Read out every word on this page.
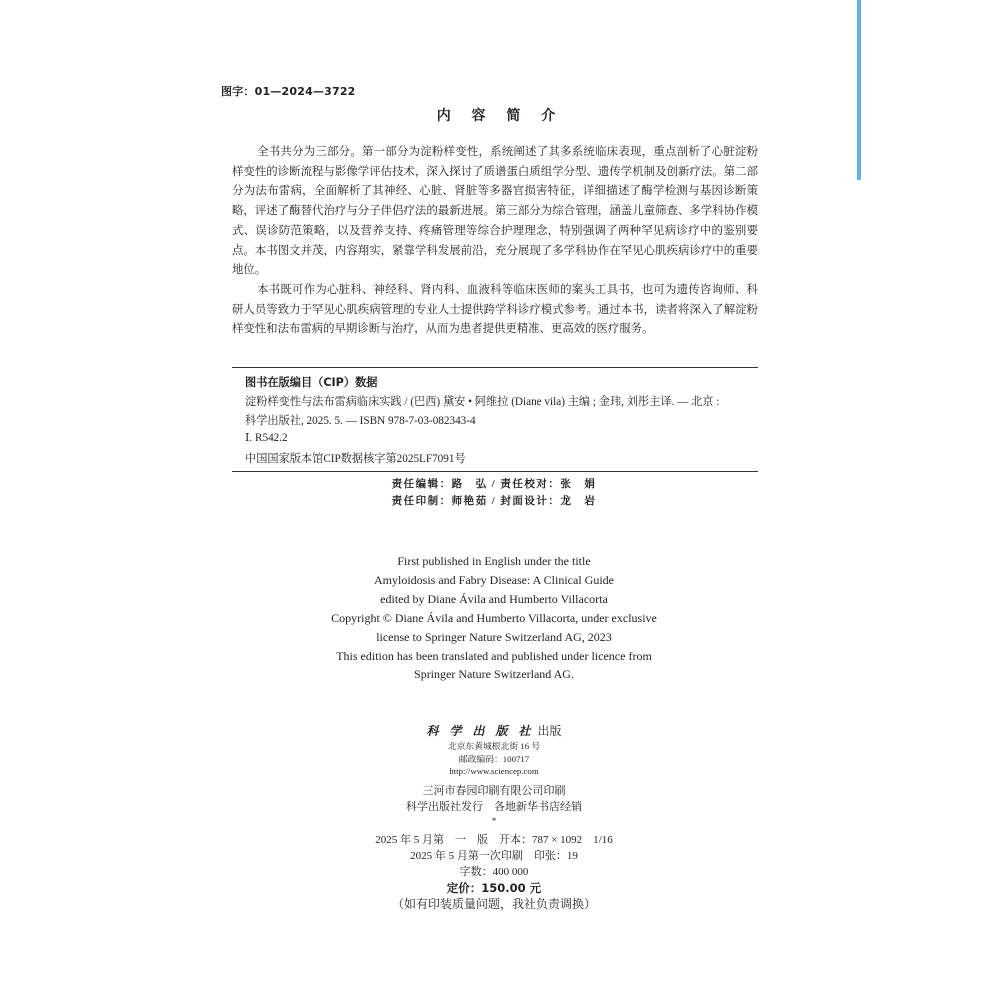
图字：01—2024—3722
内 容 简 介

全书共分为三部分。第一部分为淀粉样变性，系统阐述了其多系统临床表现，重点剖析了心脏淀粉样变性的诊断流程与影像学评估技术，深入探讨了质谱蛋白质组学分型、遗传学机制及创新疗法。第二部分为法布雷病，全面解析了其神经、心脏、肾脏等多器官损害特征，详细描述了酶学检测与基因诊断策略，评述了酶替代治疗与分子伴侣疗法的最新进展。第三部分为综合管理，涵盖儿童筛查、多学科协作模式、误诊防范策略，以及营养支持、疼痛管理等综合护理理念，特别强调了两种罕见病诊疗中的鉴别要点。本书图文并茂，内容翔实，紧靠学科发展前沿，充分展现了多学科协作在罕见心肌疾病诊疗中的重要地位。

本书既可作为心脏科、神经科、肾内科、血液科等临床医师的案头工具书，也可为遗传咨询师、科研人员等致力于罕见心肌疾病管理的专业人士提供跨学科诊疗模式参考。通过本书，读者将深入了解淀粉样变性和法布雷病的早期诊断与治疗，从而为患者提供更精准、更高效的医疗服务。

图书在版编目（CIP）数据
淀粉样变性与法布雷病临床实践 / (巴西) 黛安 • 阿维拉 (Diane vila) 主编 ; 金玮, 刘彤主译. — 北京 :
科学出版社, 2025. 5. — ISBN 978-7-03-082343-4
Ⅰ. R542.2
中国国家版本馆CIP数据核字第2025LF7091号
责任编辑：路　弘 / 责任校对：张　娟
责任印制：师艳茹 / 封面设计：龙　岩
First published in English under the title
Amyloidosis and Fabry Disease: A Clinical Guide
edited by Diane Ávila and Humberto Villacorta
Copyright © Diane Ávila and Humberto Villacorta, under exclusive
license to Springer Nature Switzerland AG, 2023
This edition has been translated and published under licence from
Springer Nature Switzerland AG.
科 学 出 版 社 出版
北京东黄城根北街 16 号
邮政编码：100717
http://www.sciencep.com
三河市春园印刷有限公司印刷
科学出版社发行　各地新华书店经销
*
2025 年 5 月第　一　版　开本：787 × 1092　1/16
2025 年 5 月第一次印刷　印张：19
字数：400 000
定价：150.00 元
（如有印装质量问题，我社负责调换）
